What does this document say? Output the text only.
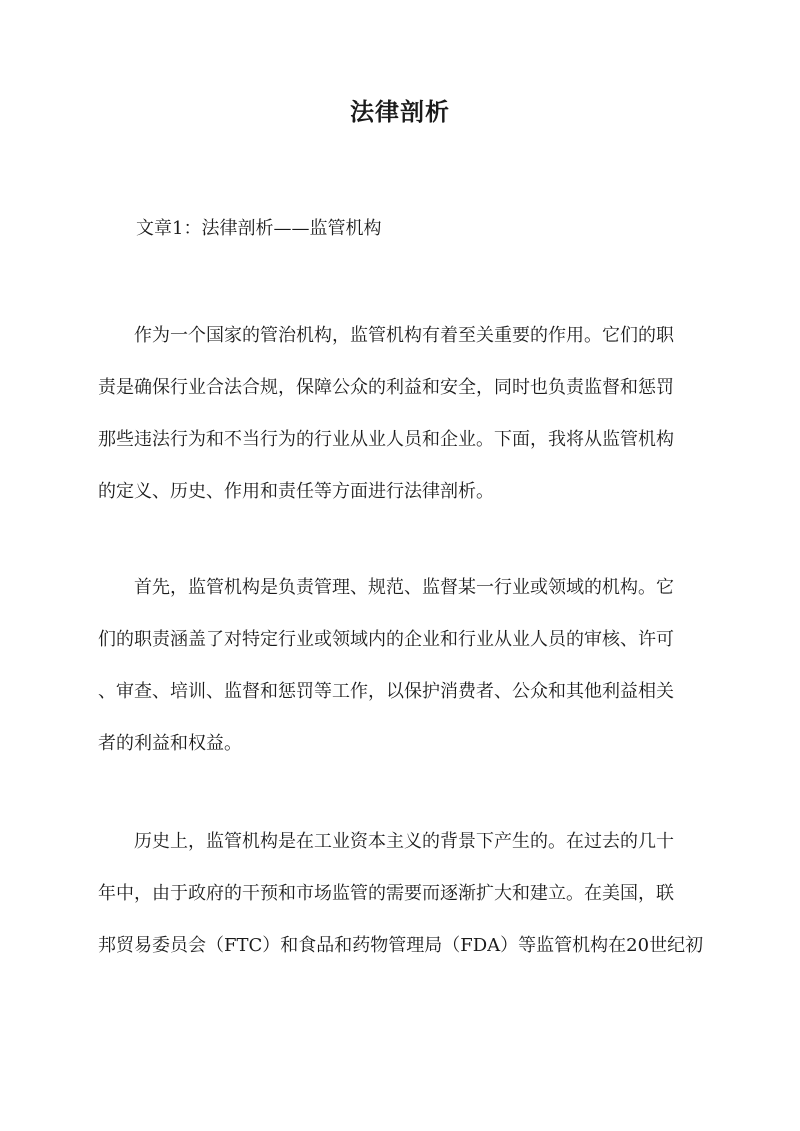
法律剖析
文章1：法律剖析——监管机构
　　作为一个国家的管治机构，监管机构有着至关重要的作用。它们的职
责是确保行业合法合规，保障公众的利益和安全，同时也负责监督和惩罚
那些违法行为和不当行为的行业从业人员和企业。下面，我将从监管机构
的定义、历史、作用和责任等方面进行法律剖析。
　　首先，监管机构是负责管理、规范、监督某一行业或领域的机构。它
们的职责涵盖了对特定行业或领域内的企业和行业从业人员的审核、许可
、审查、培训、监督和惩罚等工作，以保护消费者、公众和其他利益相关
者的利益和权益。
　　历史上，监管机构是在工业资本主义的背景下产生的。在过去的几十
年中，由于政府的干预和市场监管的需要而逐渐扩大和建立。在美国，联
邦贸易委员会（FTC）和食品和药物管理局（FDA）等监管机构在20世纪初
